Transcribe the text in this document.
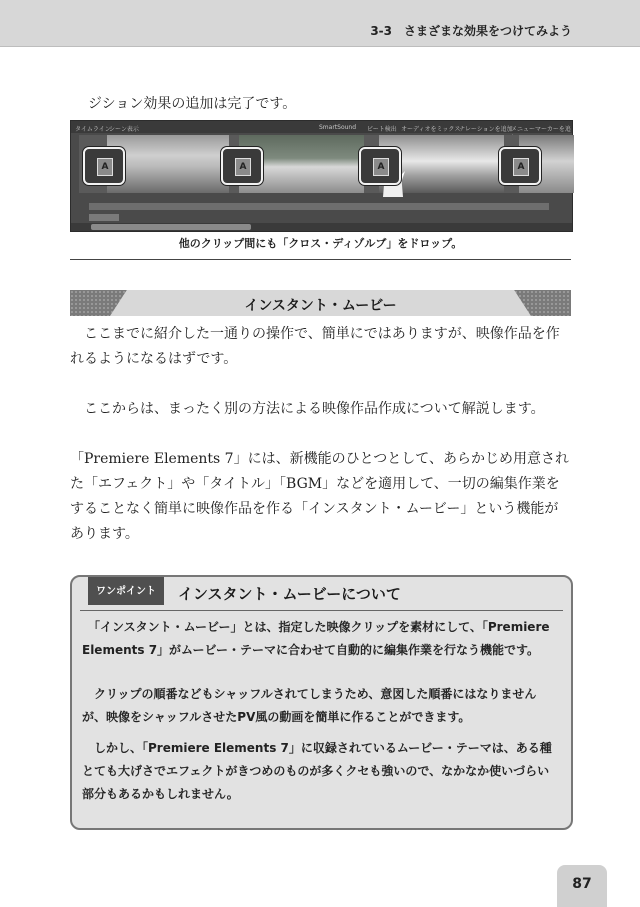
3-3　さまざまな効果をつけてみよう
ジション効果の追加は完了です。
タイムライン
シーン表示	SmartSound ビート検出 オーディオをミックス
ナレーションを追加
メニューマーカーを追
A	A	A	A
他のクリップ間にも「クロス・ディゾルブ」をドロップ。
インスタント・ムービー
　ここまでに紹介した一通りの操作で、簡単にではありますが、映像作品を作れるようになるはずです。
　ここからは、まったく別の方法による映像作品作成について解説します。
「Premiere Elements 7」には、新機能のひとつとして、あらかじめ用意された「エフェクト」や「タイトル」「BGM」などを適用して、一切の編集作業をすることなく簡単に映像作品を作る「インスタント・ムービー」という機能があります。
ワンポイント	インスタント・ムービーについて
　「インスタント・ムービー」とは、指定した映像クリップを素材にして、「Premiere Elements 7」がムービー・テーマに合わせて自動的に編集作業を行なう機能です。
　クリップの順番などもシャッフルされてしまうため、意図した順番にはなりませんが、映像をシャッフルさせたPV風の動画を簡単に作ることができます。
　しかし、「Premiere Elements 7」に収録されているムービー・テーマは、ある種とても大げさでエフェクトがきつめのものが多くクセも強いので、なかなか使いづらい部分もあるかもしれません。
87
